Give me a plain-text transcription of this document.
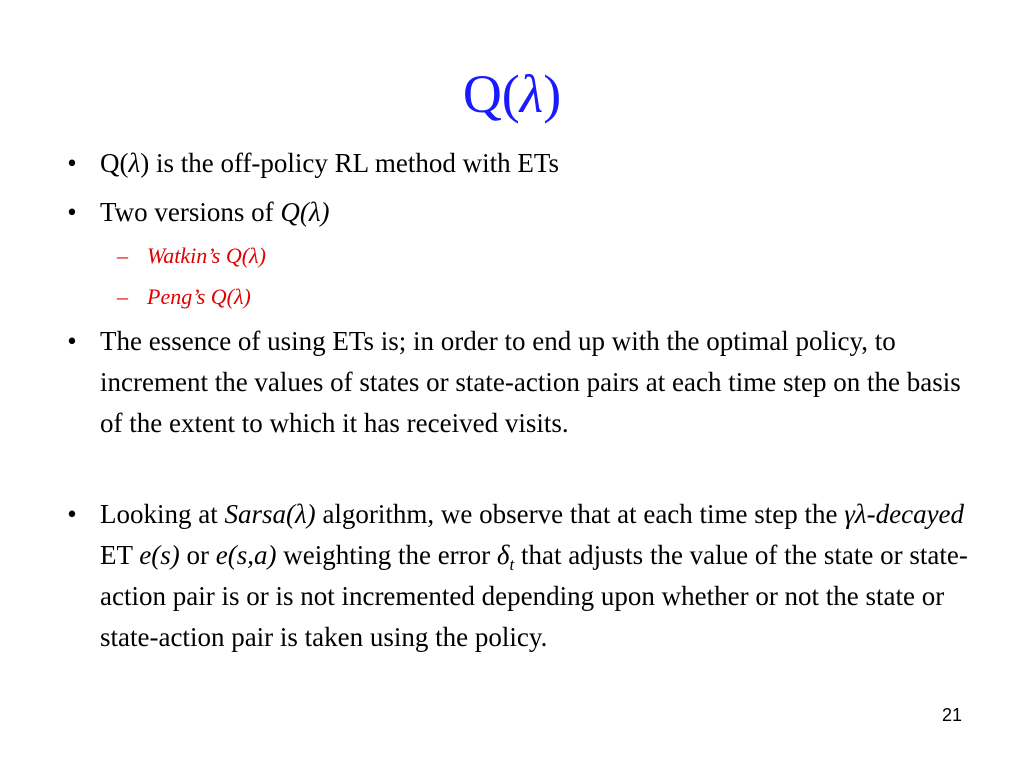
Q(λ)
• Q(λ) is the off-policy RL method with ETs
• Two versions of Q(λ)
– Watkin’s Q(λ)
– Peng’s Q(λ)
• The essence of using ETs is; in order to end up with the optimal policy, to increment the values of states or state-action pairs at each time step on the basis of the extent to which it has received visits.
• Looking at Sarsa(λ) algorithm, we observe that at each time step the γλ-decayed ET e(s) or e(s,a) weighting the error $\delta_t$ that adjusts the value of the state or state-action pair is or is not incremented depending upon whether or not the state or state-action pair is taken using the policy.
21
